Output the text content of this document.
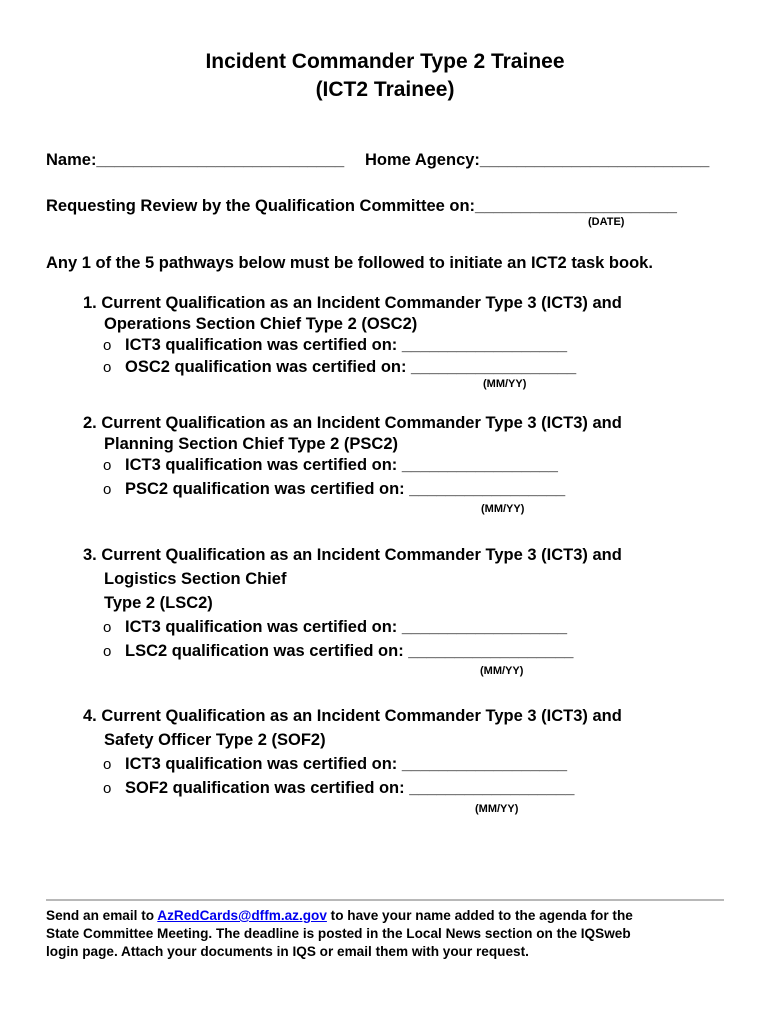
Incident Commander Type 2 Trainee
(ICT2 Trainee)
Name:___________________________ Home Agency:_________________________
Requesting Review by the Qualification Committee on:______________________
(DATE)
Any 1 of the 5 pathways below must be followed to initiate an ICT2 task book.
1. Current Qualification as an Incident Commander Type 3 (ICT3) and
Operations Section Chief Type 2 (OSC2)
o ICT3 qualification was certified on: __________________
o OSC2 qualification was certified on: __________________
(MM/YY)
2. Current Qualification as an Incident Commander Type 3 (ICT3) and
Planning Section Chief Type 2 (PSC2)
o ICT3 qualification was certified on: _________________
o PSC2 qualification was certified on: _________________
(MM/YY)
3. Current Qualification as an Incident Commander Type 3 (ICT3) and
Logistics Section Chief
Type 2 (LSC2)
o ICT3 qualification was certified on: __________________
o LSC2 qualification was certified on: __________________
(MM/YY)
4. Current Qualification as an Incident Commander Type 3 (ICT3) and
Safety Officer Type 2 (SOF2)
o ICT3 qualification was certified on: __________________
o SOF2 qualification was certified on: __________________
(MM/YY)
Send an email to AzRedCards@dffm.az.gov to have your name added to the agenda for the
State Committee Meeting. The deadline is posted in the Local News section on the IQSweb
login page. Attach your documents in IQS or email them with your request.
